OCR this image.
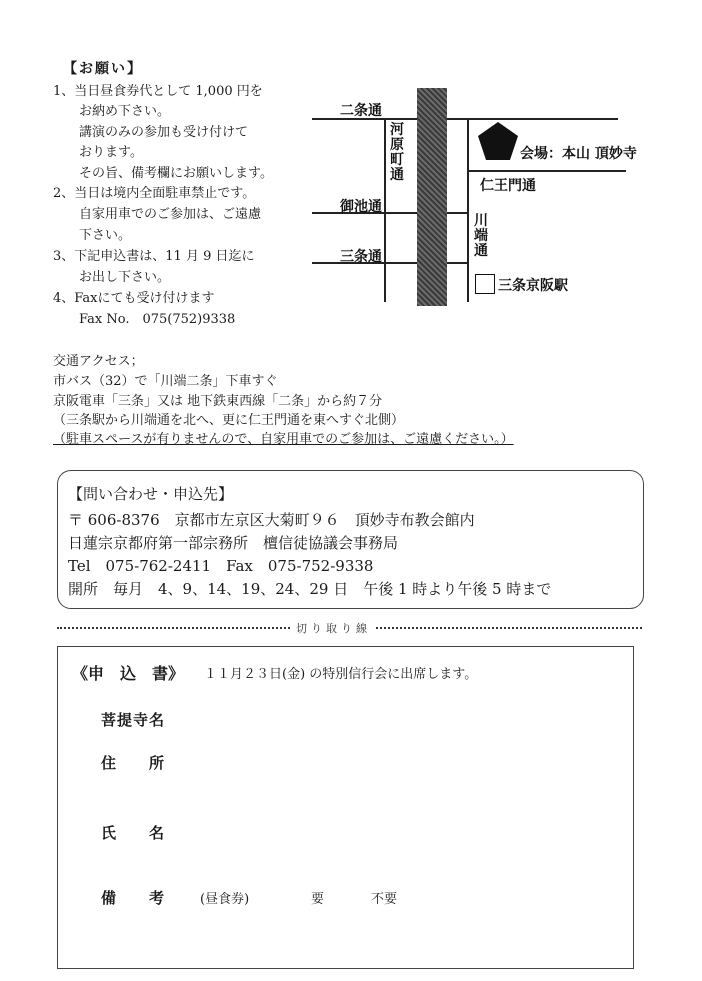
【お願い】
1、当日昼食券代として 1,000 円を
お納め下さい。
講演のみの参加も受け付けて
おります。
その旨、備考欄にお願いします。
2、当日は境内全面駐車禁止です。
自家用車でのご参加は、ご遠慮
下さい。
3、下記申込書は、11 月 9 日迄に
お出し下さい。
4、Faxにても受け付けます
Fax No.　075(752)9338
二条通
御池通
三条通
河原町通
川端通
会場：本山 頂妙寺
仁王門通
三条京阪駅
交通アクセス；
市バス（32）で「川端二条」下車すぐ
京阪電車「三条」又は 地下鉄東西線「二条」から約７分
（三条駅から川端通を北へ、更に仁王門通を東へすぐ北側）
（駐車スペースが有りませんので、自家用車でのご参加は、ご遠慮ください。）
【問い合わせ・申込先】
〒 606-8376　京都市左京区大菊町９６　頂妙寺布教会館内
日蓮宗京都府第一部宗務所　檀信徒協議会事務局
Tel　075-762-2411　Fax　075-752-9338
開所　毎月　4、9、14、19、24、29 日　午後 1 時より午後 5 時まで
切り取り線
《申　込　書》 １１月２３日(金) の特別信行会に出席します。
菩提寺名
住　　所
氏　　名
備　　考	(昼食券)	要	不要
